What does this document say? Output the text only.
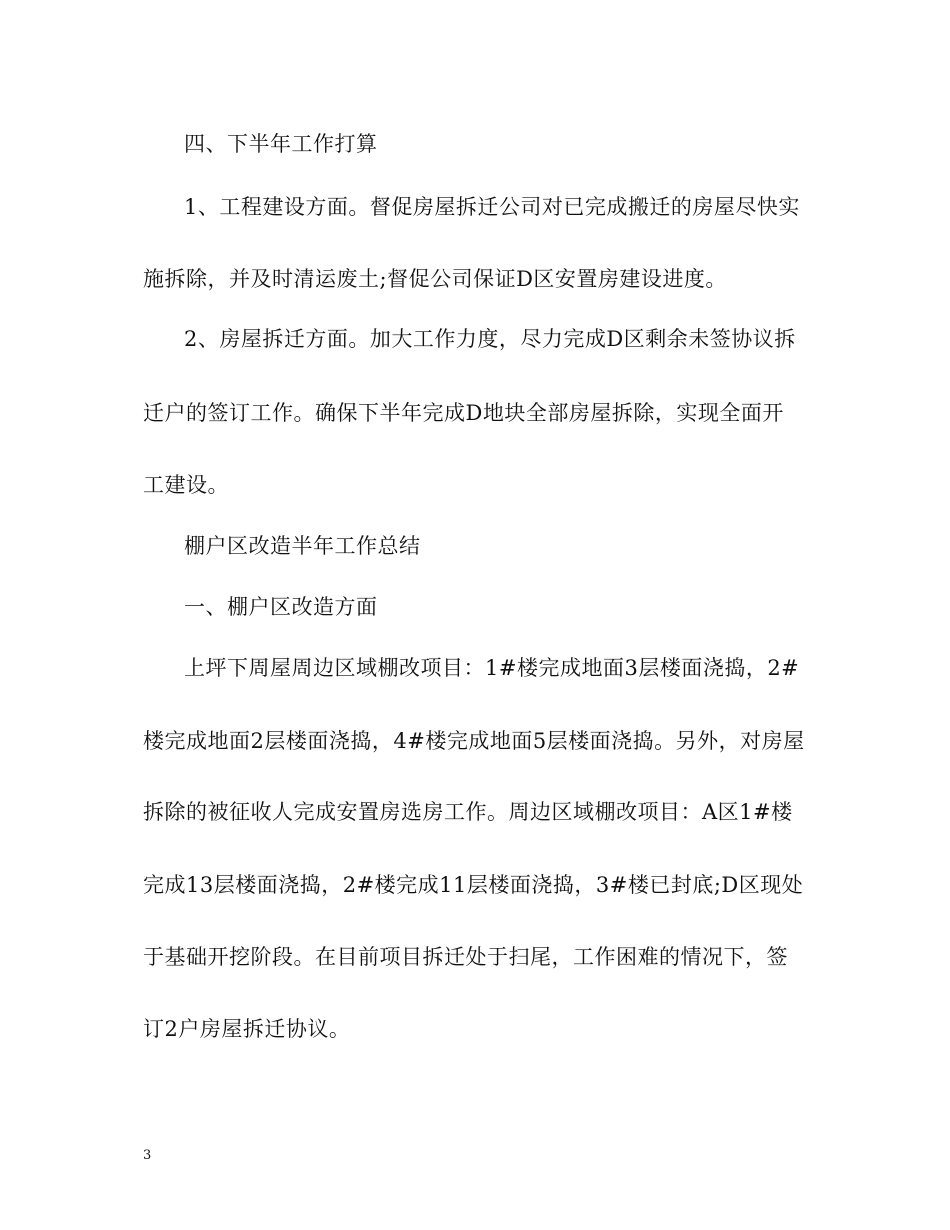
四、下半年工作打算
1、工程建设方面。督促房屋拆迁公司对已完成搬迁的房屋尽快实
施拆除，并及时清运废土;督促公司保证D区安置房建设进度。
2、房屋拆迁方面。加大工作力度，尽力完成D区剩余未签协议拆
迁户的签订工作。确保下半年完成D地块全部房屋拆除，实现全面开
工建设。
棚户区改造半年工作总结
一、棚户区改造方面
上坪下周屋周边区域棚改项目：1#楼完成地面3层楼面浇捣，2#
楼完成地面2层楼面浇捣，4#楼完成地面5层楼面浇捣。另外，对房屋
拆除的被征收人完成安置房选房工作。周边区域棚改项目：A区1#楼
完成13层楼面浇捣，2#楼完成11层楼面浇捣，3#楼已封底;D区现处
于基础开挖阶段。在目前项目拆迁处于扫尾，工作困难的情况下，签
订2户房屋拆迁协议。
3
